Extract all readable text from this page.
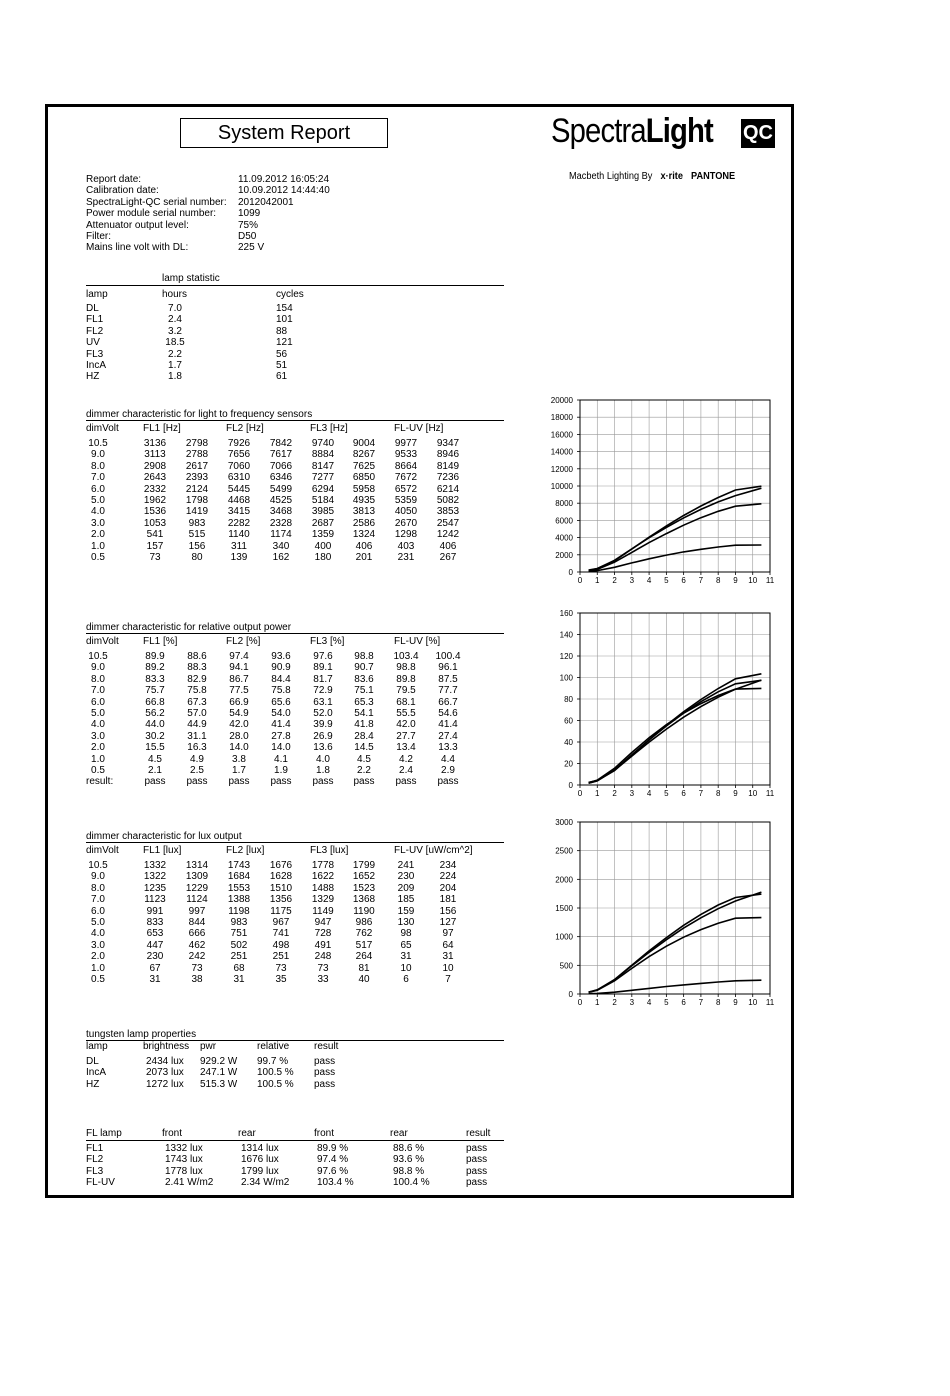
System Report	SpectraLight QC
Macbeth Lighting By x·rite PANTONE
Report date:	11.09.2012 16:05:24
Calibration date:	10.09.2012 14:44:40
SpectraLight-QC serial number: 2012042001
Power module serial number: 1099
Attenuator output level:	75%
Filter:	D50
Mains line volt with DL:	225 V
lamp statistic
lamp	hours	cycles
DL	7.0	154
FL1	2.4	101
FL2	3.2	88
UV	18.5	121
FL3	2.2	56
IncA	1.7	51
HZ	1.8	61
dimmer characteristic for light to frequency sensors
dimVolt FL1 [Hz]	FL2 [Hz]	FL3 [Hz]	FL-UV [Hz]
10.5	3136	2798	7926	7842	9740	9004	9977	9347
9.0	3113	2788	7656	7617	8884	8267	9533	8946
8.0	2908	2617	7060	7066	8147	7625	8664	8149
7.0	2643	2393	6310	6346	7277	6850	7672	7236
6.0	2332	2124	5445	5499	6294	5958	6572	6214
5.0	1962	1798	4468	4525	5184	4935	5359	5082
4.0	1536	1419	3415	3468	3985	3813	4050	3853
3.0	1053	983	2282	2328	2687	2586	2670	2547
2.0	541	515	1140	1174	1359	1324	1298	1242
1.0	157	156	311	340	400	406	403	406
0.5	73	80	139	162	180	201	231	267
dimmer characteristic for relative output power
dimVolt FL1 [%]	FL2 [%]	FL3 [%]	FL-UV [%]
10.5	89.9	88.6	97.4	93.6	97.6	98.8	103.4	100.4
9.0	89.2	88.3	94.1	90.9	89.1	90.7	98.8	96.1
8.0	83.3	82.9	86.7	84.4	81.7	83.6	89.8	87.5
7.0	75.7	75.8	77.5	75.8	72.9	75.1	79.5	77.7
6.0	66.8	67.3	66.9	65.6	63.1	65.3	68.1	66.7
5.0	56.2	57.0	54.9	54.0	52.0	54.1	55.5	54.6
4.0	44.0	44.9	42.0	41.4	39.9	41.8	42.0	41.4
3.0	30.2	31.1	28.0	27.8	26.9	28.4	27.7	27.4
2.0	15.5	16.3	14.0	14.0	13.6	14.5	13.4	13.3
1.0	4.5	4.9	3.8	4.1	4.0	4.5	4.2	4.4
0.5	2.1	2.5	1.7	1.9	1.8	2.2	2.4	2.9
result:	pass	pass	pass	pass	pass	pass	pass	pass
dimmer characteristic for lux output
dimVolt FL1 [lux]	FL2 [lux]	FL3 [lux]	FL-UV [uW/cm^2]
10.5	1332	1314	1743	1676	1778	1799	241	234
9.0	1322	1309	1684	1628	1622	1652	230	224
8.0	1235	1229	1553	1510	1488	1523	209	204
7.0	1123	1124	1388	1356	1329	1368	185	181
6.0	991	997	1198	1175	1149	1190	159	156
5.0	833	844	983	967	947	986	130	127
4.0	653	666	751	741	728	762	98	97
3.0	447	462	502	498	491	517	65	64
2.0	230	242	251	251	248	264	31	31
1.0	67	73	68	73	73	81	10	10
0.5	31	38	31	35	33	40	6	7
tungsten lamp properties
lamp	brightness pwr	relative result
DL	2434 lux 929.2 W 99.7 %	pass
IncA	2073 lux 247.1 W 100.5 % pass
HZ	1272 lux 515.3 W 100.5 % pass
FL lamp	front	rear	front	rear	result
FL1	1332 lux	1314 lux	89.9 %	88.6 %	pass
FL2	1743 lux	1676 lux	97.4 %	93.6 %	pass
FL3	1778 lux	1799 lux	97.6 %	98.8 %	pass
FL-UV	2.41 W/m2	2.34 W/m2	103.4 %	100.4 %	pass
0
2000
4000
6000
8000
10000
12000
14000
16000
18000
20000
0 1 2 3 4 5 6 7 8 9 10 11
0
20
40
60
80
100
120
140
160
0 1 2 3 4 5 6 7 8 9 10 11
0
500
1000
1500
2000
2500
3000
0 1 2 3 4 5 6 7 8 9 10 11
